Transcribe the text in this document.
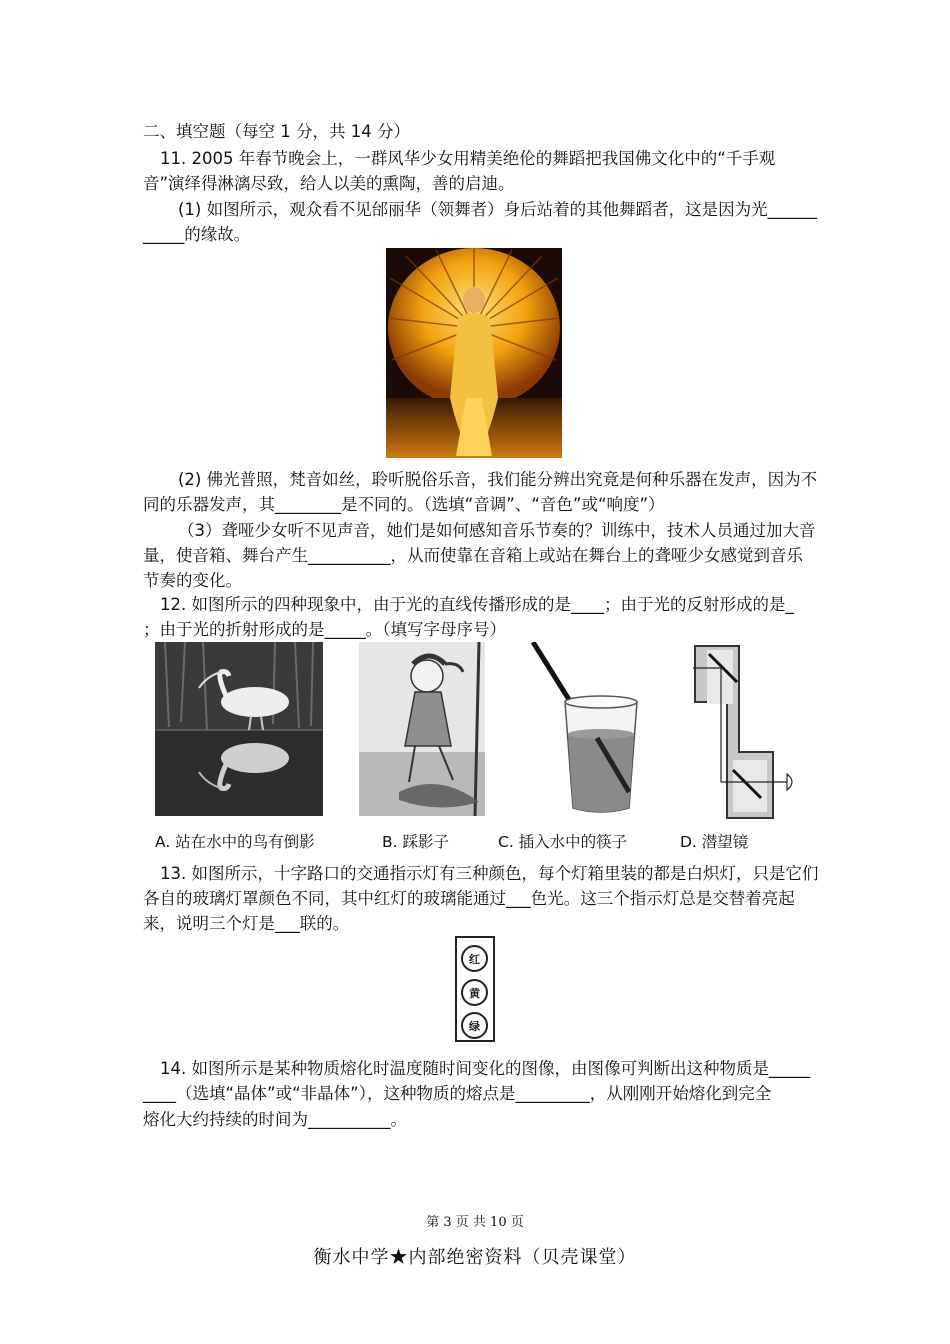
二、填空题（每空 1 分，共 14 分）
11. 2005 年春节晚会上，一群风华少女用精美绝伦的舞蹈把我国佛文化中的“千手观
音”演绎得淋漓尽致，给人以美的熏陶，善的启迪。
(1) 如图所示，观众看不见邰丽华（领舞者）身后站着的其他舞蹈者，这是因为光______
_____的缘故。
(2) 佛光普照，梵音如丝，聆听脱俗乐音，我们能分辨出究竟是何种乐器在发声，因为不
同的乐器发声，其________是不同的。（选填“音调”、“音色”或“响度”）
（3）聋哑少女听不见声音，她们是如何感知音乐节奏的？训练中，技术人员通过加大音
量，使音箱、舞台产生__________，从而使靠在音箱上或站在舞台上的聋哑少女感觉到音乐
节奏的变化。
12. 如图所示的四种现象中，由于光的直线传播形成的是____；由于光的反射形成的是_
；由于光的折射形成的是_____。（填写字母序号）
A. 站在水中的鸟有倒影	B. 踩影子	C. 插入水中的筷子	D. 潜望镜
13. 如图所示，十字路口的交通指示灯有三种颜色，每个灯箱里装的都是白炽灯，只是它们
各自的玻璃灯罩颜色不同，其中红灯的玻璃能通过___色光。这三个指示灯总是交替着亮起
来，说明三个灯是___联的。
红
黄
绿
14. 如图所示是某种物质熔化时温度随时间变化的图像，由图像可判断出这种物质是_____
____（选填“晶体”或“非晶体”），这种物质的熔点是_________，从刚刚开始熔化到完全
熔化大约持续的时间为__________。
第 3 页 共 10 页
衡水中学★内部绝密资料（贝壳课堂）
